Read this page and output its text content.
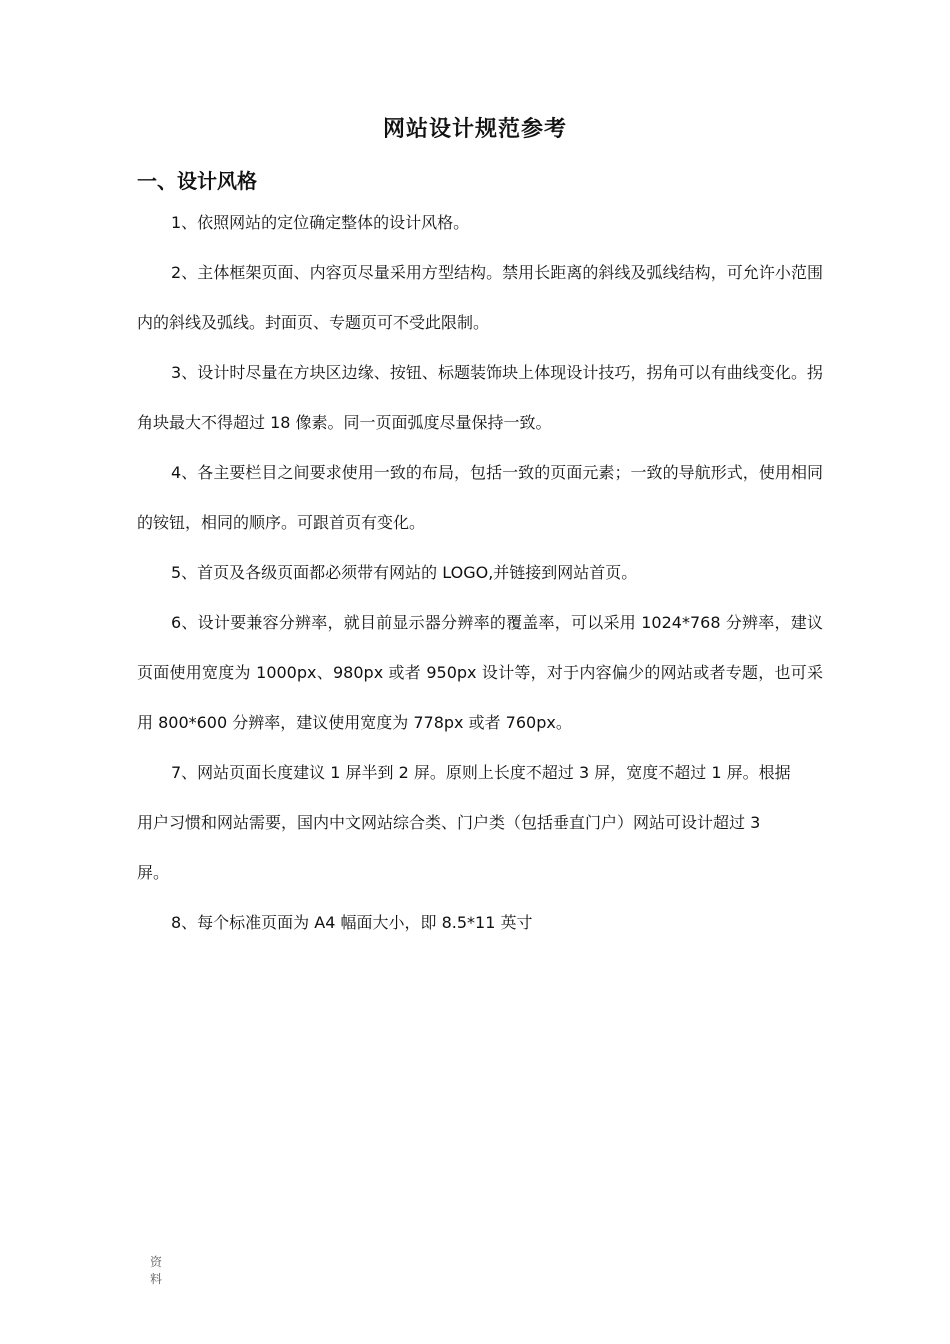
网站设计规范参考
一、设计风格

1、依照网站的定位确定整体的设计风格。

2、主体框架页面、内容页尽量采用方型结构。禁用长距离的斜线及弧线结构，可允许小范围内的斜线及弧线。封面页、专题页可不受此限制。

3、设计时尽量在方块区边缘、按钮、标题装饰块上体现设计技巧，拐角可以有曲线变化。拐角块最大不得超过 18 像素。同一页面弧度尽量保持一致。

4、各主要栏目之间要求使用一致的布局，包括一致的页面元素；一致的导航形式，使用相同的铵钮，相同的顺序。可跟首页有变化。

5、首页及各级页面都必须带有网站的 LOGO,并链接到网站首页。

6、设计要兼容分辨率，就目前显示器分辨率的覆盖率，可以采用 1024*768 分辨率，建议页面使用宽度为 1000px、980px 或者 950px 设计等，对于内容偏少的网站或者专题，也可采用 800*600 分辨率，建议使用宽度为 778px 或者 760px。

7、网站页面长度建议 1 屏半到 2 屏。原则上长度不超过 3 屏，宽度不超过 1 屏。根据

用户习惯和网站需要，国内中文网站综合类、门户类（包括垂直门户）网站可设计超过 3

屏。

8、每个标准页面为 A4 幅面大小，即 8.5*11 英寸

资料
